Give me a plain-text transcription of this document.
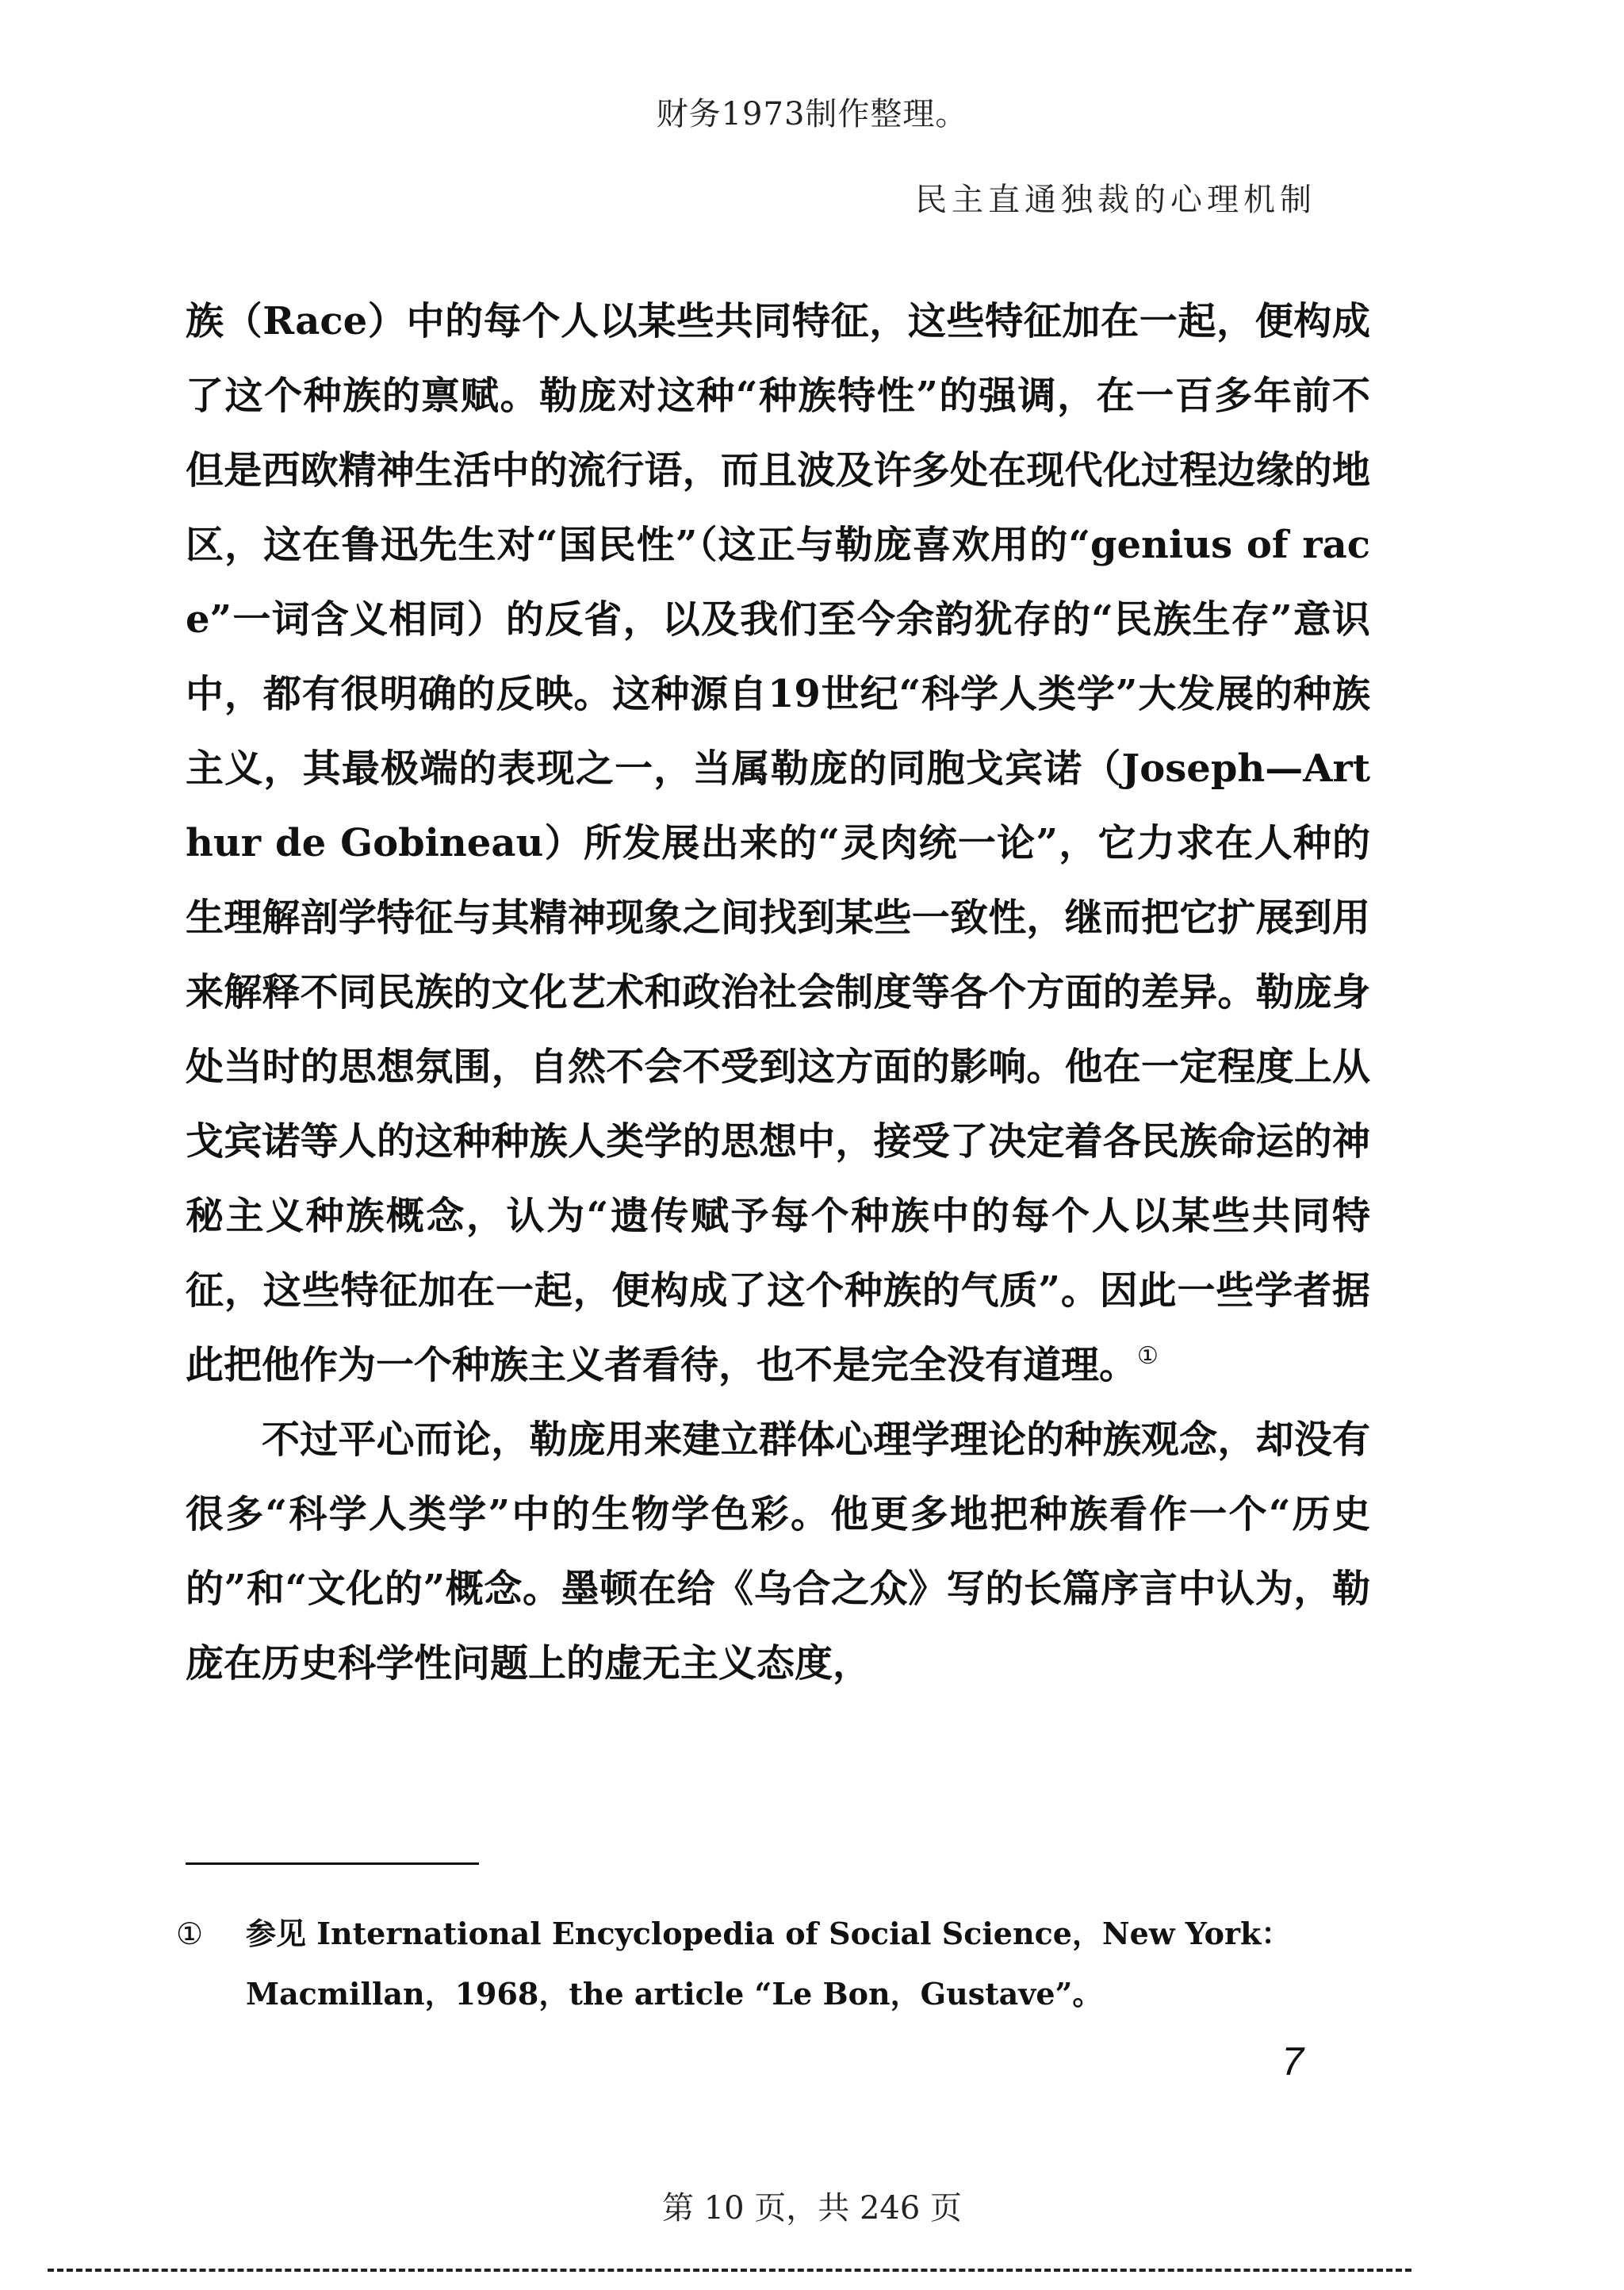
财务1973制作整理。
民主直通独裁的心理机制

族（Race）中的每个人以某些共同特征，这些特征加在一起，便构成了这个种族的禀赋。勒庞对这种“种族特性”的强调，在一百多年前不但是西欧精神生活中的流行语，而且波及许多处在现代化过程边缘的地区，这在鲁迅先生对“国民性”（这正与勒庞喜欢用的“genius of race”一词含义相同）的反省，以及我们至今余韵犹存的“民族生存”意识中，都有很明确的反映。这种源自19世纪“科学人类学”大发展的种族主义，其最极端的表现之一，当属勒庞的同胞戈宾诺（Joseph—Arthur de Gobineau）所发展出来的“灵肉统一论”，它力求在人种的生理解剖学特征与其精神现象之间找到某些一致性，继而把它扩展到用来解释不同民族的文化艺术和政治社会制度等各个方面的差异。勒庞身处当时的思想氛围，自然不会不受到这方面的影响。他在一定程度上从戈宾诺等人的这种种族人类学的思想中，接受了决定着各民族命运的神秘主义种族概念，认为“遗传赋予每个种族中的每个人以某些共同特征，这些特征加在一起，便构成了这个种族的气质”。因此一些学者据此把他作为一个种族主义者看待，也不是完全没有道理。①

不过平心而论，勒庞用来建立群体心理学理论的种族观念，却没有很多“科学人类学”中的生物学色彩。他更多地把种族看作一个“历史的”和“文化的”概念。墨顿在给《乌合之众》写的长篇序言中认为，勒庞在历史科学性问题上的虚无主义态度，

① 参见 International Encyclopedia of Social Science，New York：Macmillan，1968，the article “Le Bon，Gustave”。
7
第 10 页，共 246 页
